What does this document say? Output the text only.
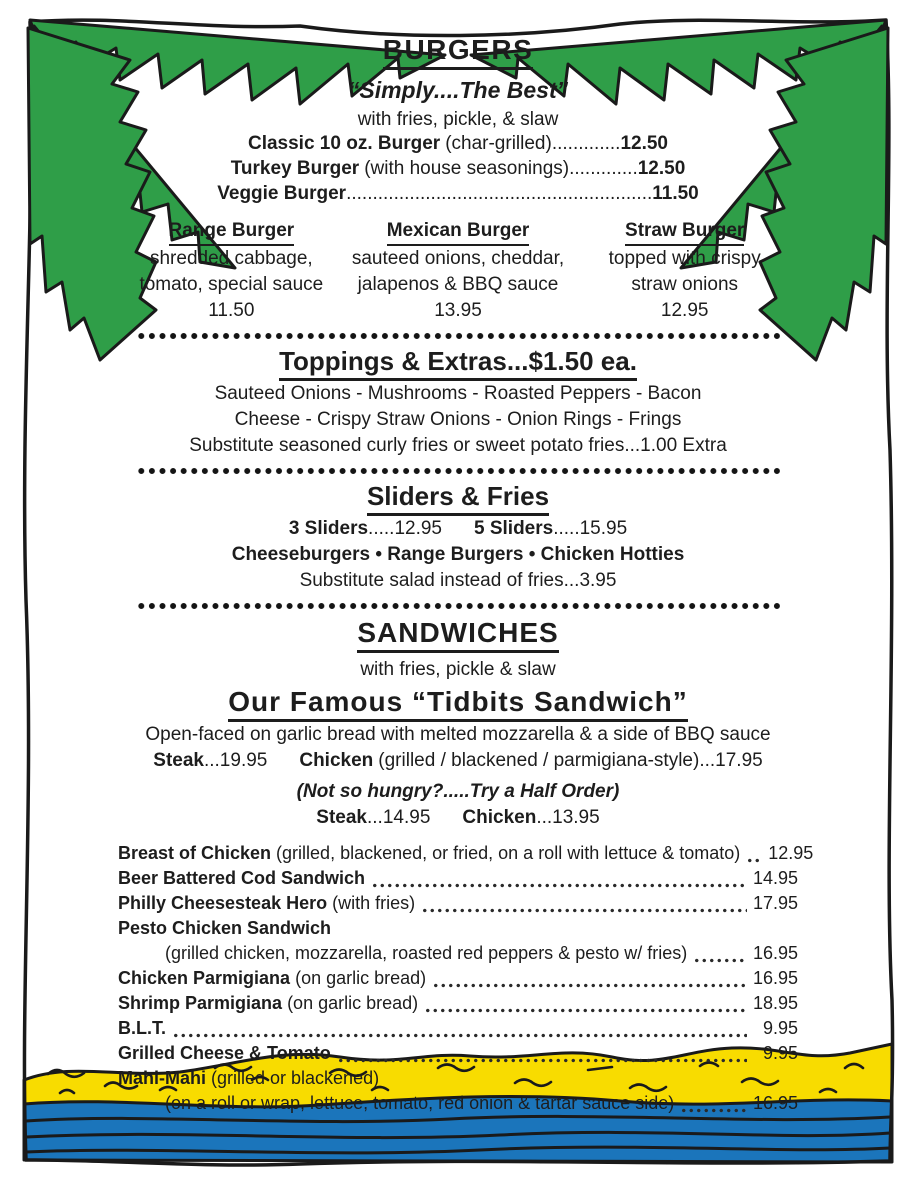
BURGERS
“Simply....The Best”
with fries, pickle, & slaw
Classic 10 oz. Burger (char-grilled).............12.50
Turkey Burger (with house seasonings).............12.50
Veggie Burger..........................................................11.50
Range Burger
shredded cabbage,
tomato, special sauce
11.50
Mexican Burger
sauteed onions, cheddar,
jalapenos & BBQ sauce
13.95
Straw Burger
topped with crispy
straw onions
12.95
Toppings & Extras...$1.50 ea.
Sauteed Onions - Mushrooms - Roasted Peppers - Bacon
Cheese - Crispy Straw Onions - Onion Rings - Frings
Substitute seasoned curly fries or sweet potato fries...1.00 Extra
Sliders & Fries
3 Sliders.....12.95 5 Sliders.....15.95
Cheeseburgers • Range Burgers • Chicken Hotties
Substitute salad instead of fries...3.95
SANDWICHES
with fries, pickle & slaw
Our Famous “Tidbits Sandwich”
Open-faced on garlic bread with melted mozzarella & a side of BBQ sauce
Steak...19.95 Chicken (grilled / blackened / parmigiana-style)...17.95
(Not so hungry?.....Try a Half Order)
Steak...14.95 Chicken...13.95
Breast of Chicken (grilled, blackened, or fried, on a roll with lettuce & tomato) 12.95
Beer Battered Cod Sandwich	14.95
Philly Cheesesteak Hero (with fries)	17.95
Pesto Chicken Sandwich
(grilled chicken, mozzarella, roasted red peppers & pesto w/ fries)	16.95
Chicken Parmigiana (on garlic bread)	16.95
Shrimp Parmigiana (on garlic bread)	18.95
B.L.T.	9.95
Grilled Cheese & Tomato	9.95
Mahi-Mahi (grilled or blackened)
(on a roll or wrap, lettuce, tomato, red onion & tartar sauce side)	16.95
